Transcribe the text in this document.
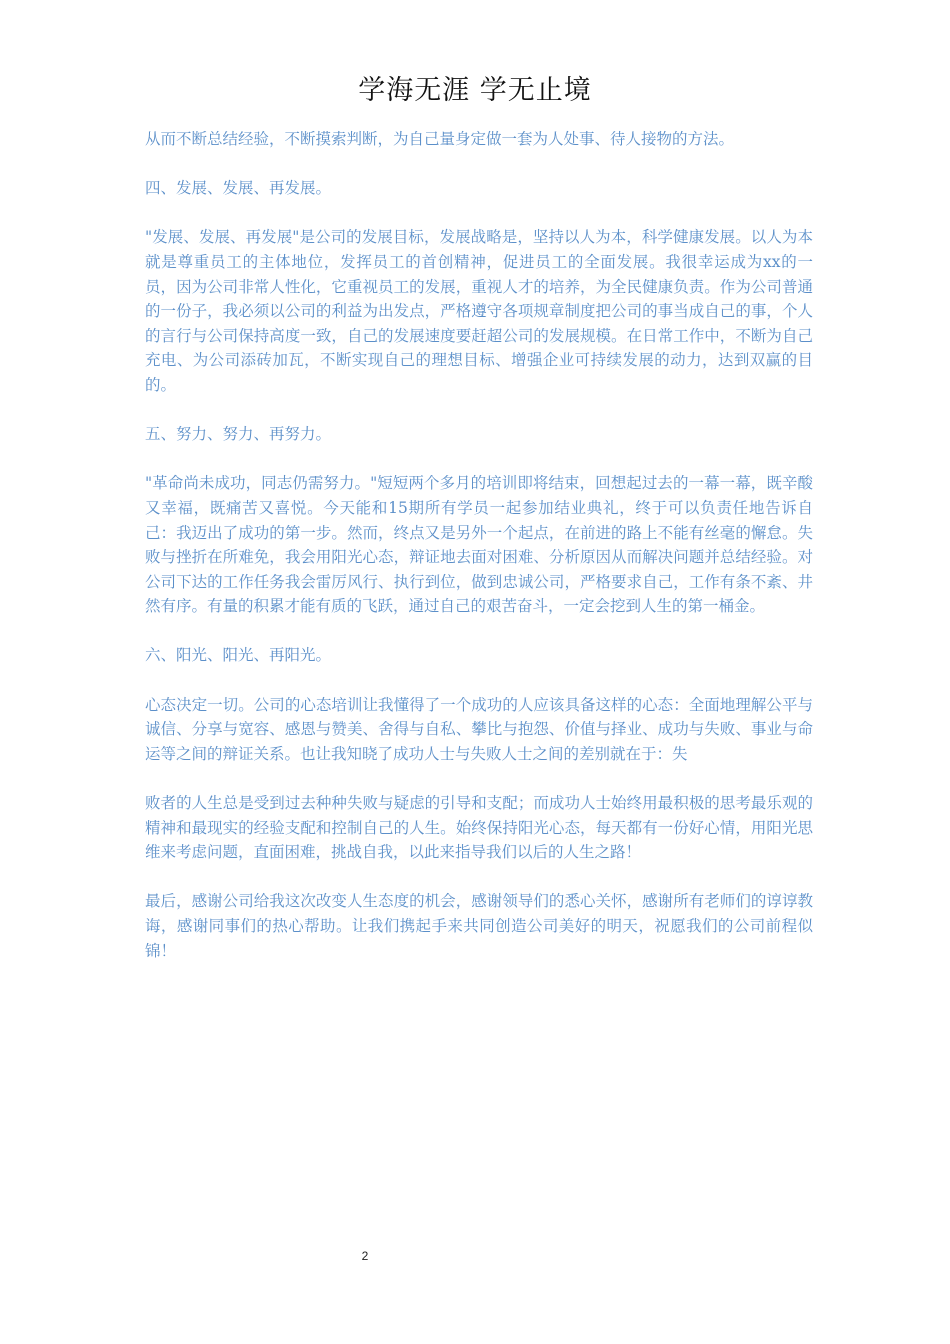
学海无涯 学无止境

从而不断总结经验，不断摸索判断，为自己量身定做一套为人处事、待人接物的方法。

四、发展、发展、再发展。

"发展、发展、再发展"是公司的发展目标，发展战略是，坚持以人为本，科学健康发展。以人为本就是尊重员工的主体地位，发挥员工的首创精神，促进员工的全面发展。我很幸运成为xx的一员，因为公司非常人性化，它重视员工的发展，重视人才的培养，为全民健康负责。作为公司普通的一份子，我必须以公司的利益为出发点，严格遵守各项规章制度把公司的事当成自己的事，个人的言行与公司保持高度一致，自己的发展速度要赶超公司的发展规模。在日常工作中，不断为自己充电、为公司添砖加瓦，不断实现自己的理想目标、增强企业可持续发展的动力，达到双赢的目的。

五、努力、努力、再努力。

"革命尚未成功，同志仍需努力。"短短两个多月的培训即将结束，回想起过去的一幕一幕，既辛酸又幸福，既痛苦又喜悦。今天能和15期所有学员一起参加结业典礼，终于可以负责任地告诉自己：我迈出了成功的第一步。然而，终点又是另外一个起点，在前进的路上不能有丝毫的懈怠。失败与挫折在所难免，我会用阳光心态，辩证地去面对困难、分析原因从而解决问题并总结经验。对公司下达的工作任务我会雷厉风行、执行到位，做到忠诚公司，严格要求自己，工作有条不紊、井然有序。有量的积累才能有质的飞跃，通过自己的艰苦奋斗，一定会挖到人生的第一桶金。

六、阳光、阳光、再阳光。

心态决定一切。公司的心态培训让我懂得了一个成功的人应该具备这样的心态：全面地理解公平与诚信、分享与宽容、感恩与赞美、舍得与自私、攀比与抱怨、价值与择业、成功与失败、事业与命运等之间的辩证关系。也让我知晓了成功人士与失败人士之间的差别就在于：失

败者的人生总是受到过去种种失败与疑虑的引导和支配；而成功人士始终用最积极的思考最乐观的精神和最现实的经验支配和控制自己的人生。始终保持阳光心态，每天都有一份好心情，用阳光思维来考虑问题，直面困难，挑战自我，以此来指导我们以后的人生之路！

最后，感谢公司给我这次改变人生态度的机会，感谢领导们的悉心关怀，感谢所有老师们的谆谆教诲，感谢同事们的热心帮助。让我们携起手来共同创造公司美好的明天，祝愿我们的公司前程似锦！

2
